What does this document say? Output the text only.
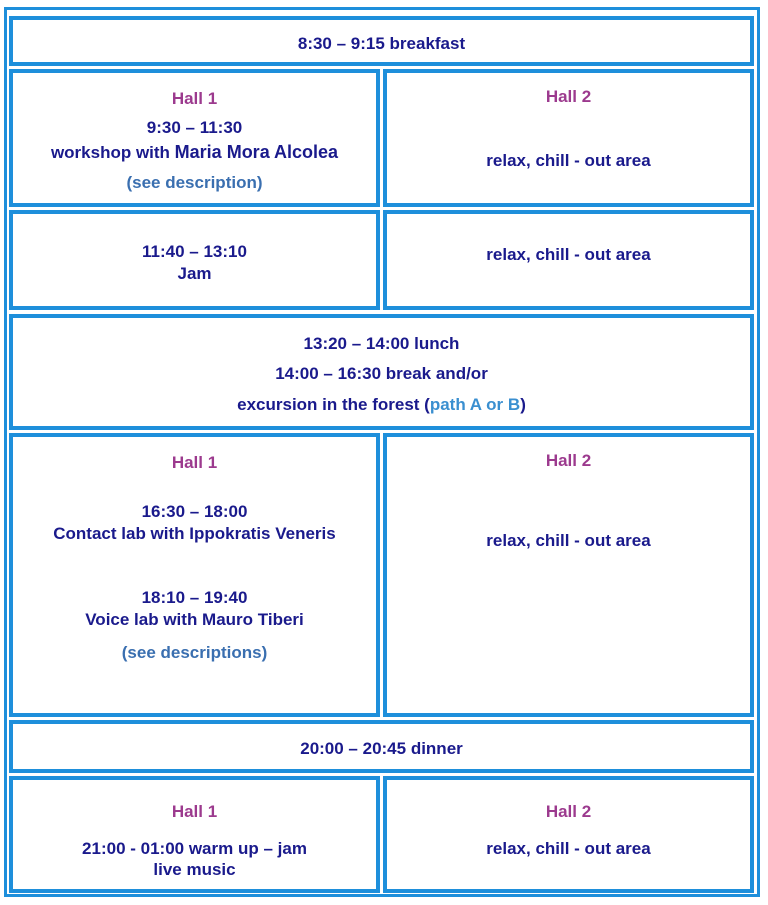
8:30 – 9:15 breakfast
Hall 1
9:30 – 11:30
workshop with Maria Mora Alcolea
(see description)
Hall 2
relax, chill - out area
11:40 – 13:10
Jam
relax, chill - out area
13:20 – 14:00 lunch
14:00 – 16:30 break and/or
excursion in the forest (path A or B)
Hall 1
16:30 – 18:00
Contact lab with Ippokratis Veneris
18:10 – 19:40
Voice lab with Mauro Tiberi
(see descriptions)
Hall 2
relax, chill - out area
20:00 – 20:45 dinner
Hall 1
21:00 - 01:00 warm up – jam
live music
Hall 2
relax, chill - out area
